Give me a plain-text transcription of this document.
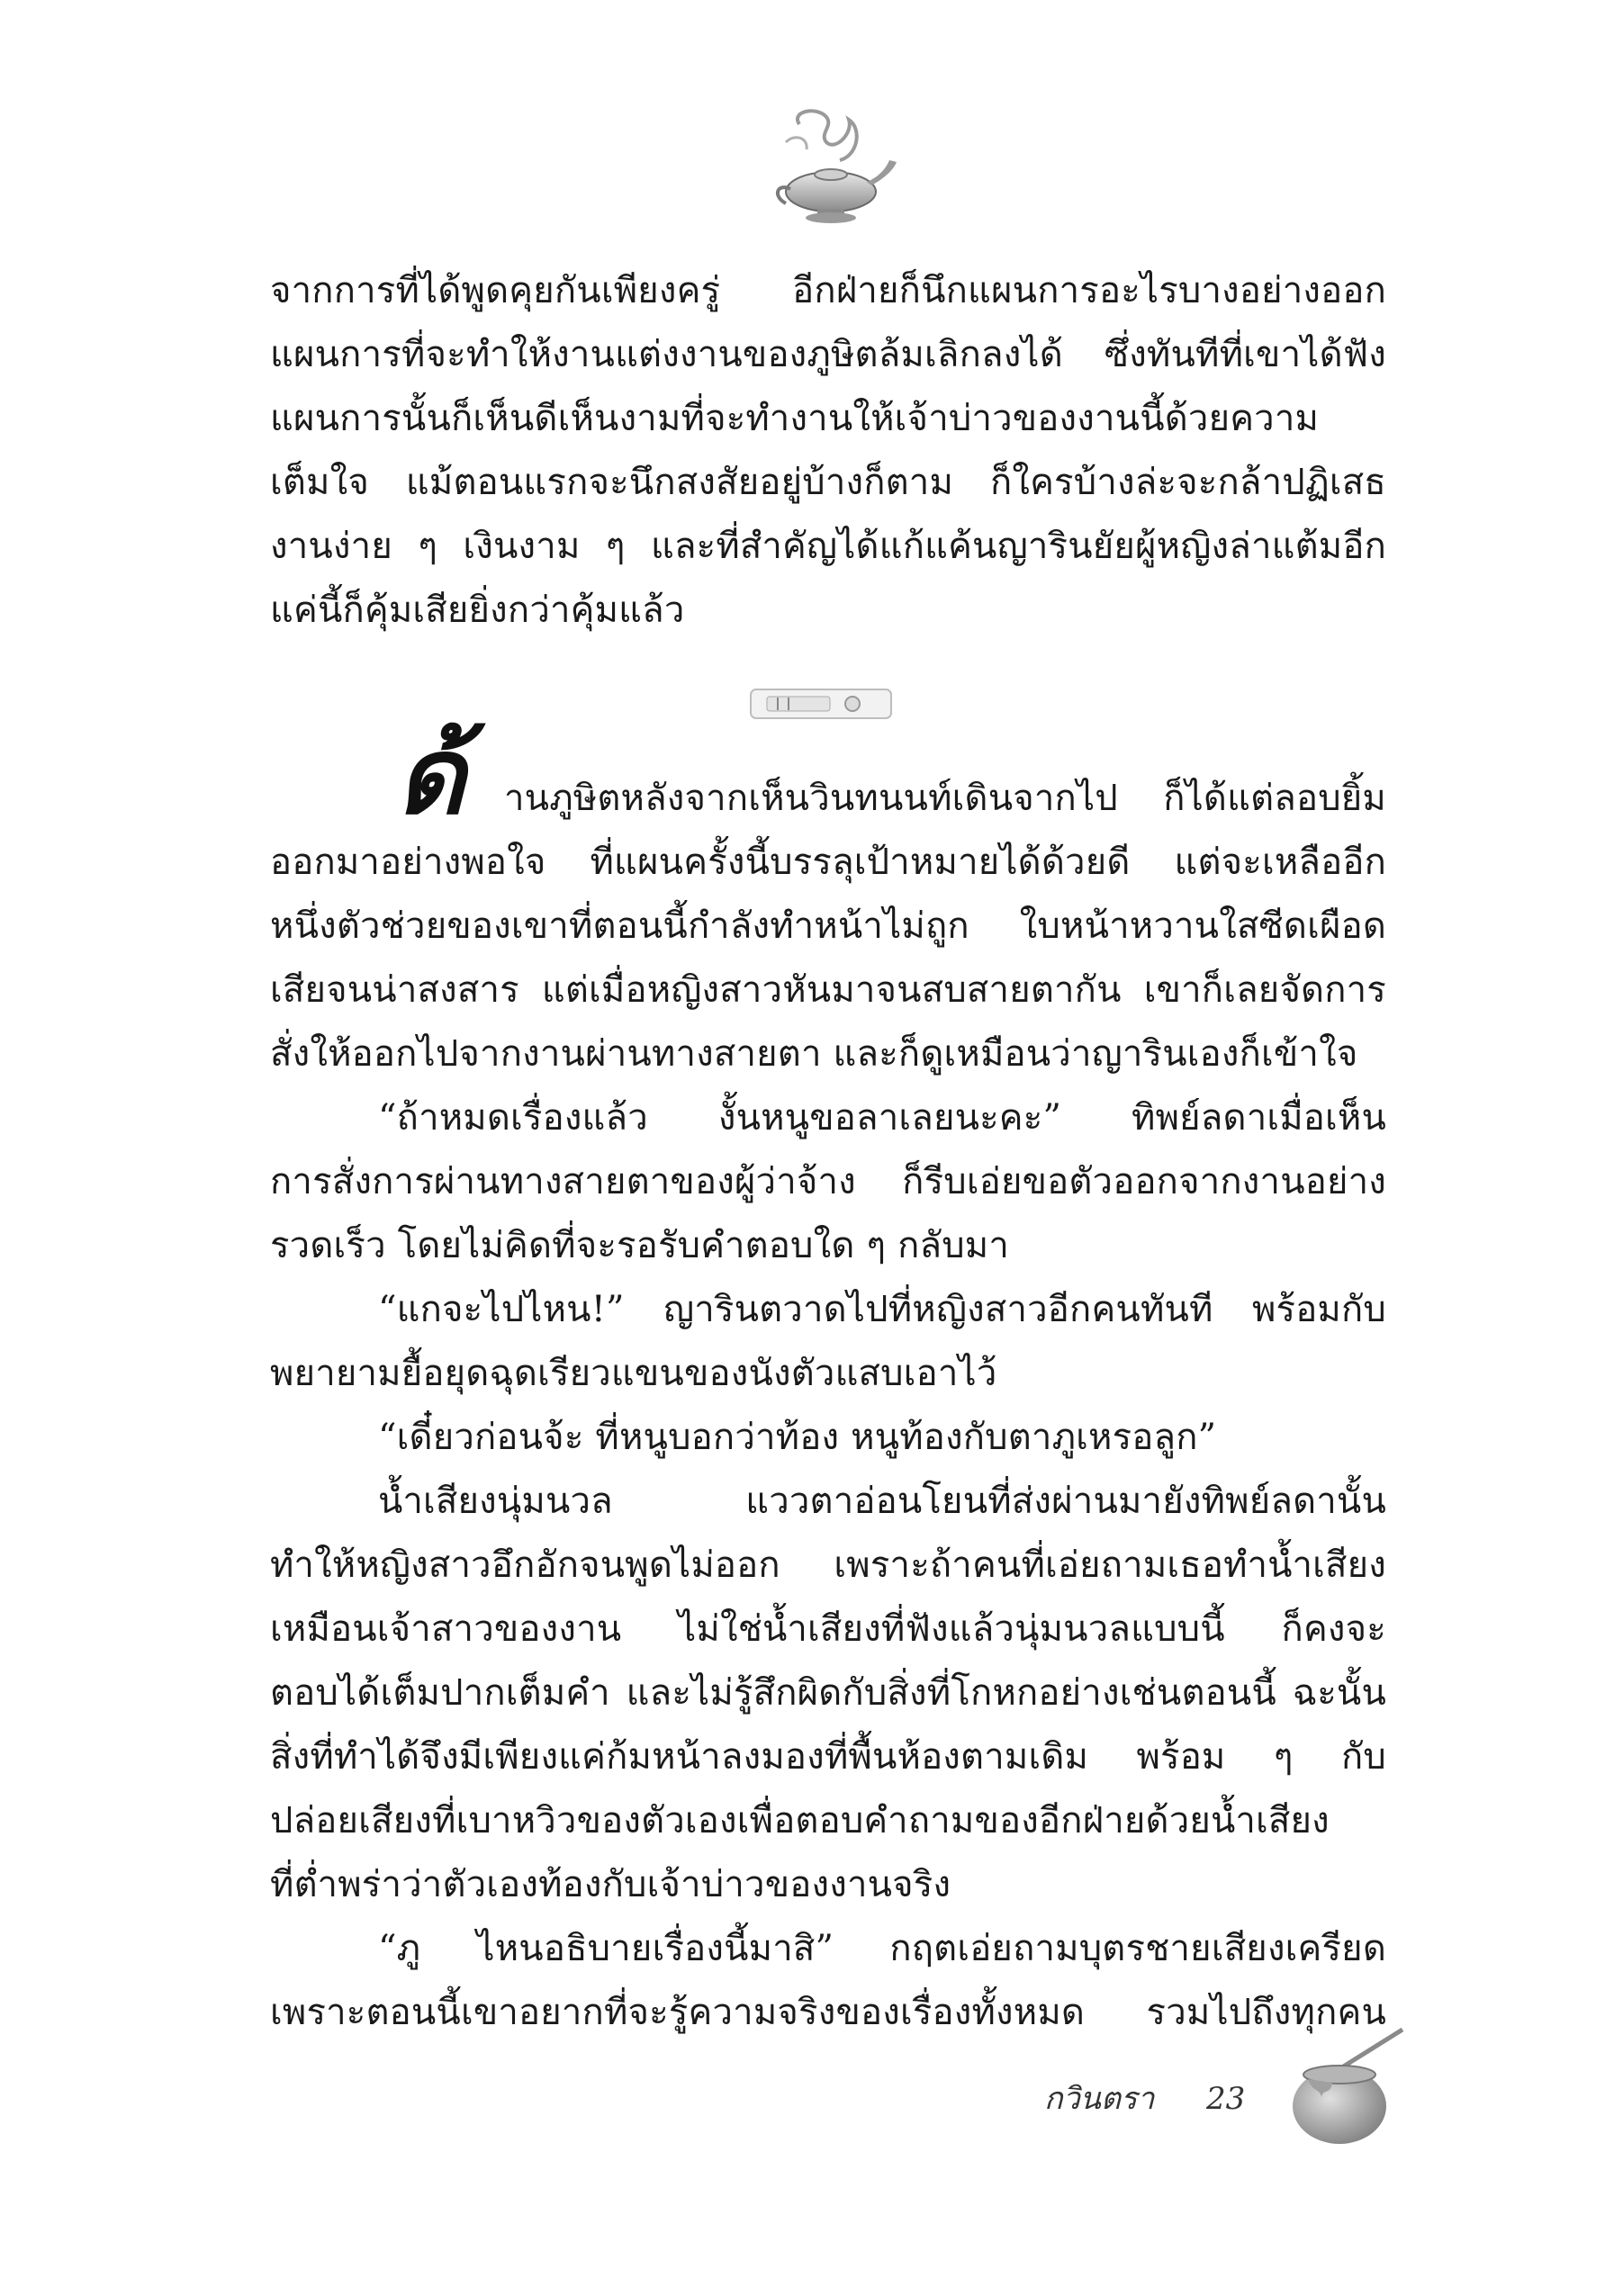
จากการที่ได้พูดคุยกันเพียงครู่ อีกฝ่ายก็นึกแผนการอะไรบางอย่างออก
แผนการที่จะทำให้งานแต่งงานของภูษิตล้มเลิกลงได้ ซึ่งทันทีที่เขาได้ฟัง
แผนการนั้นก็เห็นดีเห็นงามที่จะทำงานให้เจ้าบ่าวของงานนี้ด้วยความ
เต็มใจ แม้ตอนแรกจะนึกสงสัยอยู่บ้างก็ตาม ก็ใครบ้างล่ะจะกล้าปฏิเสธ
งานง่าย ๆ เงินงาม ๆ และที่สำคัญได้แก้แค้นญารินยัยผู้หญิงล่าแต้มอีก
แค่นี้ก็คุ้มเสียยิ่งกว่าคุ้มแล้ว
ด้ านภูษิตหลังจากเห็นวินทนนท์เดินจากไป ก็ได้แต่ลอบยิ้ม
ออกมาอย่างพอใจ ที่แผนครั้งนี้บรรลุเป้าหมายได้ด้วยดี แต่จะเหลืออีก
หนึ่งตัวช่วยของเขาที่ตอนนี้กำลังทำหน้าไม่ถูก ใบหน้าหวานใสซีดเผือด
เสียจนน่าสงสาร แต่เมื่อหญิงสาวหันมาจนสบสายตากัน เขาก็เลยจัดการ
สั่งให้ออกไปจากงานผ่านทางสายตา และก็ดูเหมือนว่าญารินเองก็เข้าใจ
“ถ้าหมดเรื่องแล้ว งั้นหนูขอลาเลยนะคะ” ทิพย์ลดาเมื่อเห็น
การสั่งการผ่านทางสายตาของผู้ว่าจ้าง ก็รีบเอ่ยขอตัวออกจากงานอย่าง
รวดเร็ว โดยไม่คิดที่จะรอรับคำตอบใด ๆ กลับมา
“แกจะไปไหน!” ญารินตวาดไปที่หญิงสาวอีกคนทันที พร้อมกับ
พยายามยื้อยุดฉุดเรียวแขนของนังตัวแสบเอาไว้
“เดี๋ยวก่อนจ้ะ ที่หนูบอกว่าท้อง หนูท้องกับตาภูเหรอลูก”
น้ำเสียงนุ่มนวล แววตาอ่อนโยนที่ส่งผ่านมายังทิพย์ลดานั้น
ทำให้หญิงสาวอึกอักจนพูดไม่ออก เพราะถ้าคนที่เอ่ยถามเธอทำน้ำเสียง
เหมือนเจ้าสาวของงาน ไม่ใช่น้ำเสียงที่ฟังแล้วนุ่มนวลแบบนี้ ก็คงจะ
ตอบได้เต็มปากเต็มคำ และไม่รู้สึกผิดกับสิ่งที่โกหกอย่างเช่นตอนนี้ ฉะนั้น
สิ่งที่ทำได้จึงมีเพียงแค่ก้มหน้าลงมองที่พื้นห้องตามเดิม พร้อม ๆ กับ
ปล่อยเสียงที่เบาหวิวของตัวเองเพื่อตอบคำถามของอีกฝ่ายด้วยน้ำเสียง
ที่ต่ำพร่าว่าตัวเองท้องกับเจ้าบ่าวของงานจริง
“ภู ไหนอธิบายเรื่องนี้มาสิ” กฤตเอ่ยถามบุตรชายเสียงเครียด
เพราะตอนนี้เขาอยากที่จะรู้ความจริงของเรื่องทั้งหมด รวมไปถึงทุกคน
กวินตรา 23
